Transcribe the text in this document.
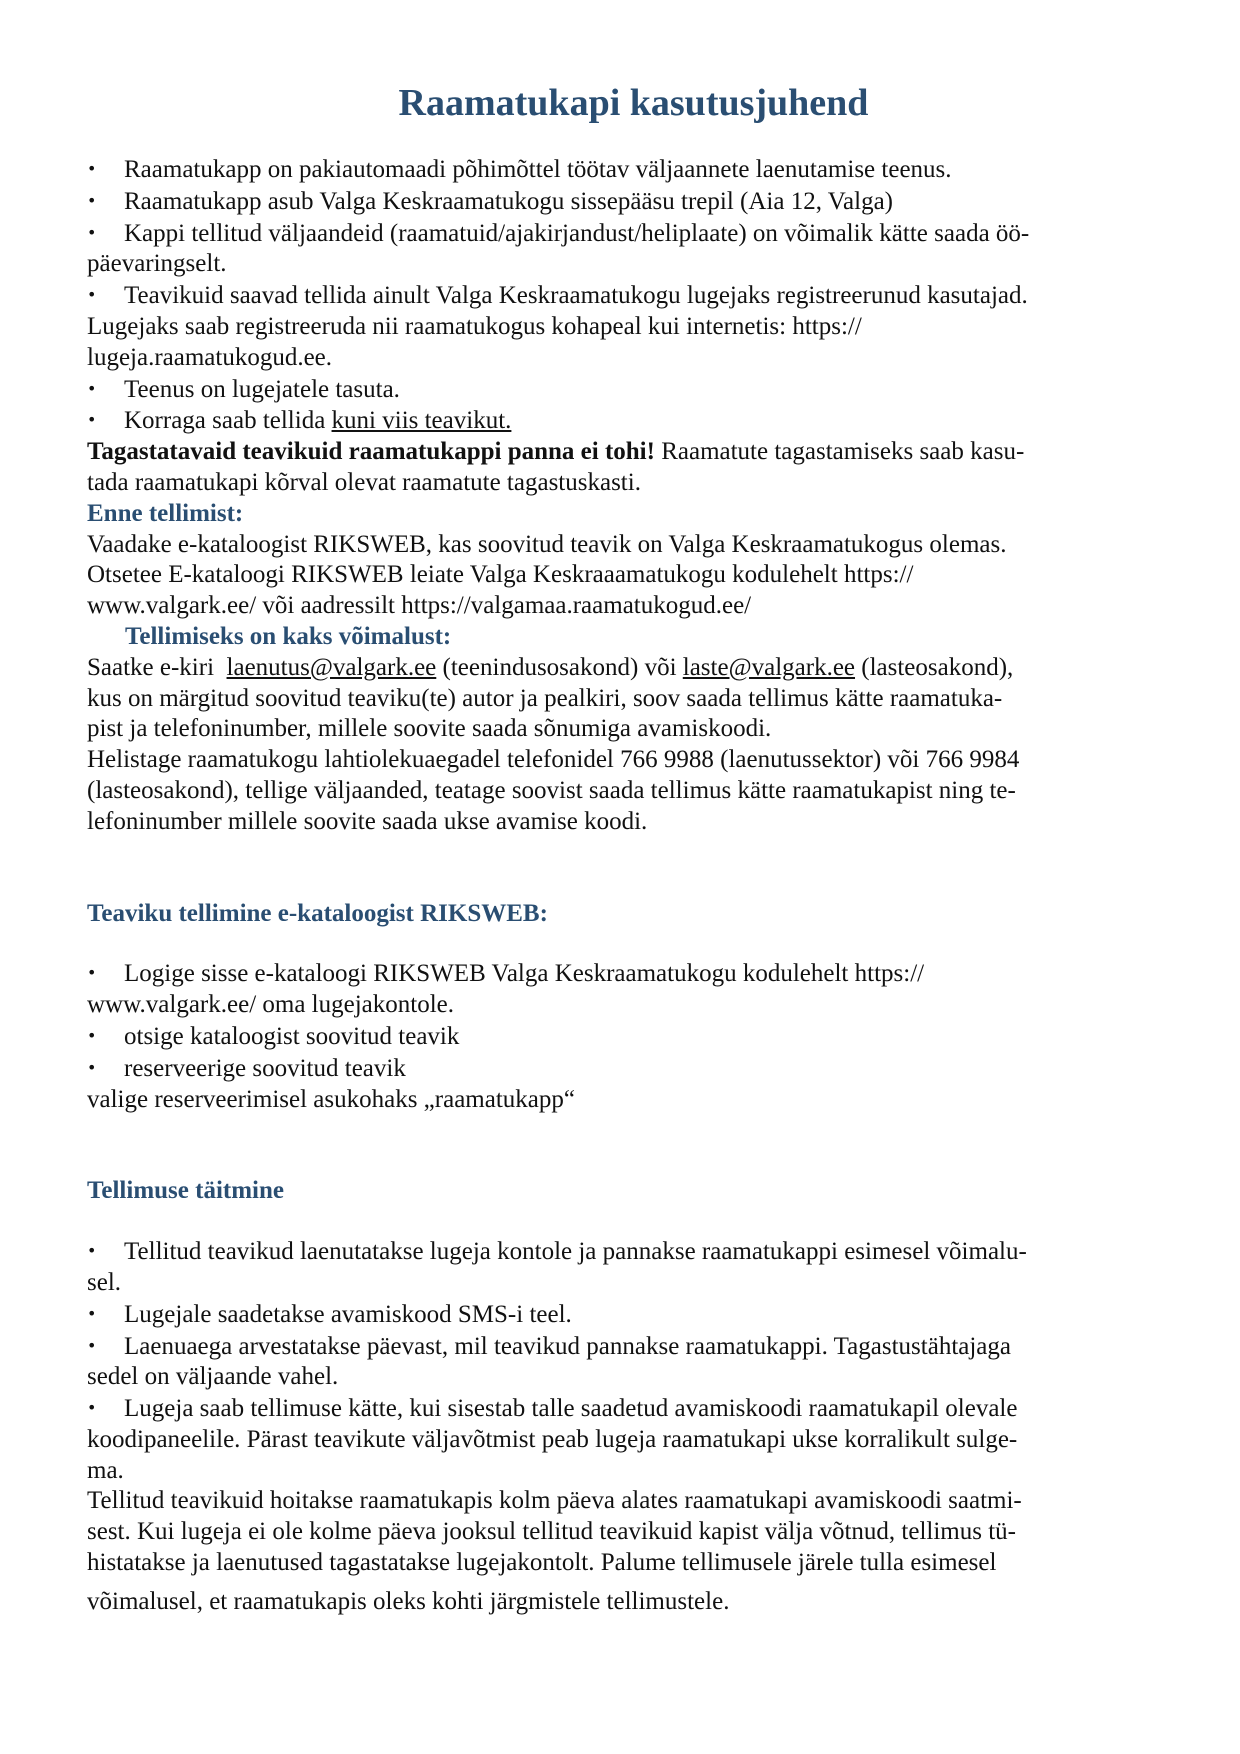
Raamatukapi kasutusjuhend
• Raamatukapp on pakiautomaadi põhimõttel töötav väljaannete laenutamise teenus.
• Raamatukapp asub Valga Keskraamatukogu sissepääsu trepil (Aia 12, Valga)
• Kappi tellitud väljaandeid (raamatuid/ajakirjandust/heliplaate) on võimalik kätte saada öö-
päevaringselt.
• Teavikuid saavad tellida ainult Valga Keskraamatukogu lugejaks registreerunud kasutajad.
Lugejaks saab registreeruda nii raamatukogus kohapeal kui internetis: https://
lugeja.raamatukogud.ee.
• Teenus on lugejatele tasuta.
• Korraga saab tellida kuni viis teavikut.
Tagastatavaid teavikuid raamatukappi panna ei tohi! Raamatute tagastamiseks saab kasu-
tada raamatukapi kõrval olevat raamatute tagastuskasti.
Enne tellimist:
Vaadake e-kataloogist RIKSWEB, kas soovitud teavik on Valga Keskraamatukogus olemas.
Otsetee E-kataloogi RIKSWEB leiate Valga Keskraaamatukogu kodulehelt https://
www.valgark.ee/ või aadressilt https://valgamaa.raamatukogud.ee/
Tellimiseks on kaks võimalust:
Saatke e-kiri  laenutus@valgark.ee (teenindusosakond) või laste@valgark.ee (lasteosakond),
kus on märgitud soovitud teaviku(te) autor ja pealkiri, soov saada tellimus kätte raamatuka-
pist ja telefoninumber, millele soovite saada sõnumiga avamiskoodi.
Helistage raamatukogu lahtiolekuaegadel telefonidel 766 9988 (laenutussektor) või 766 9984
(lasteosakond), tellige väljaanded, teatage soovist saada tellimus kätte raamatukapist ning te-
lefoninumber millele soovite saada ukse avamise koodi.
Teaviku tellimine e-kataloogist RIKSWEB:
• Logige sisse e-kataloogi RIKSWEB Valga Keskraamatukogu kodulehelt https://
www.valgark.ee/ oma lugejakontole.
• otsige kataloogist soovitud teavik
• reserveerige soovitud teavik
valige reserveerimisel asukohaks „raamatukapp“
Tellimuse täitmine
• Tellitud teavikud laenutatakse lugeja kontole ja pannakse raamatukappi esimesel võimalu-
sel.
• Lugejale saadetakse avamiskood SMS-i teel.
• Laenuaega arvestatakse päevast, mil teavikud pannakse raamatukappi. Tagastustähtajaga
sedel on väljaande vahel.
• Lugeja saab tellimuse kätte, kui sisestab talle saadetud avamiskoodi raamatukapil olevale
koodipaneelile. Pärast teavikute väljavõtmist peab lugeja raamatukapi ukse korralikult sulge-
ma.
Tellitud teavikuid hoitakse raamatukapis kolm päeva alates raamatukapi avamiskoodi saatmi-
sest. Kui lugeja ei ole kolme päeva jooksul tellitud teavikuid kapist välja võtnud, tellimus tü-
histatakse ja laenutused tagastatakse lugejakontolt. Palume tellimusele järele tulla esimesel
võimalusel, et raamatukapis oleks kohti järgmistele tellimustele.
